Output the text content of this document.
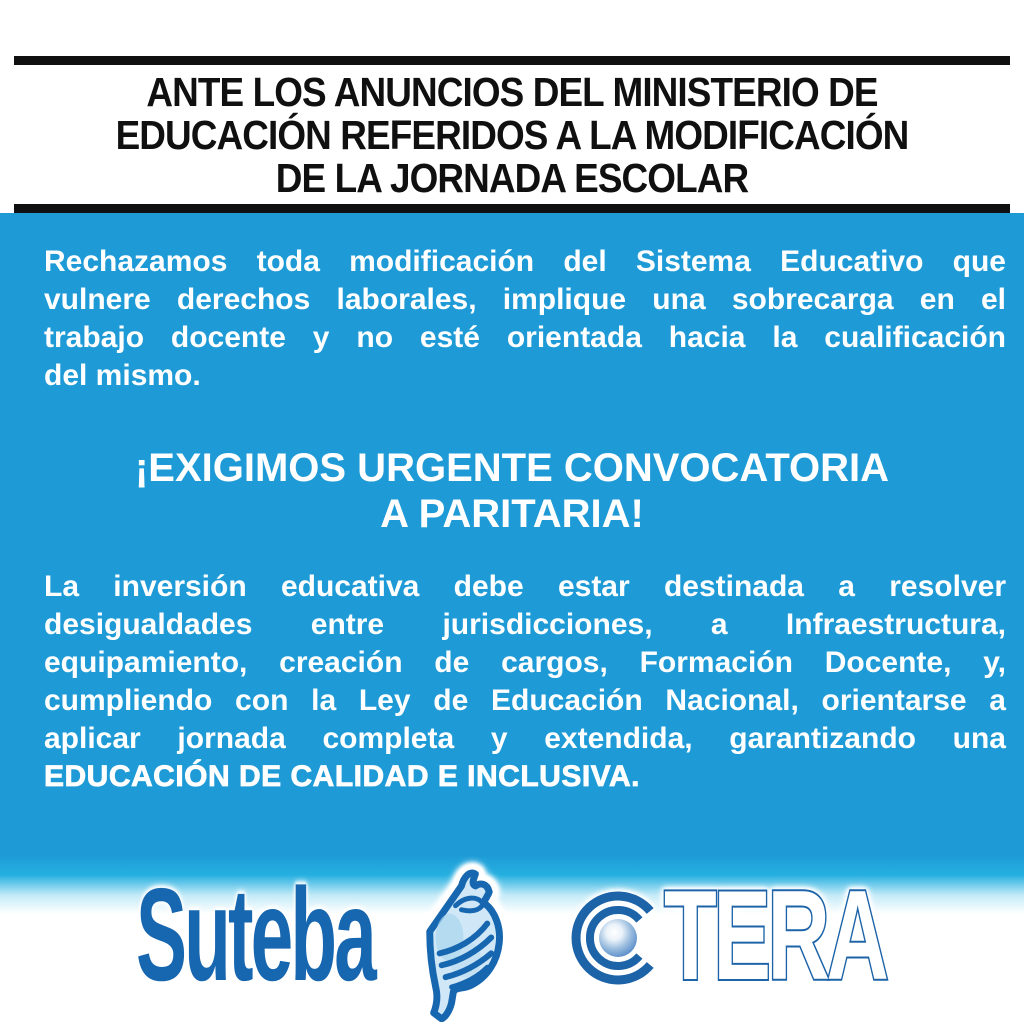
ANTE LOS ANUNCIOS DEL MINISTERIO DE
EDUCACIÓN REFERIDOS A LA MODIFICACIÓN
DE LA JORNADA ESCOLAR
Rechazamos toda modificación del Sistema Educativo que
vulnere derechos laborales, implique una sobrecarga en el
trabajo docente y no esté orientada hacia la cualificación
del mismo.
¡EXIGIMOS URGENTE CONVOCATORIA
A PARITARIA!
La inversión educativa debe estar destinada a resolver
desigualdades entre jurisdicciones, a Infraestructura,
equipamiento, creación de cargos, Formación Docente, y,
cumpliendo con la Ley de Educación Nacional, orientarse a
aplicar jornada completa y extendida, garantizando una
EDUCACIÓN DE CALIDAD E INCLUSIVA.
Suteba TERA
